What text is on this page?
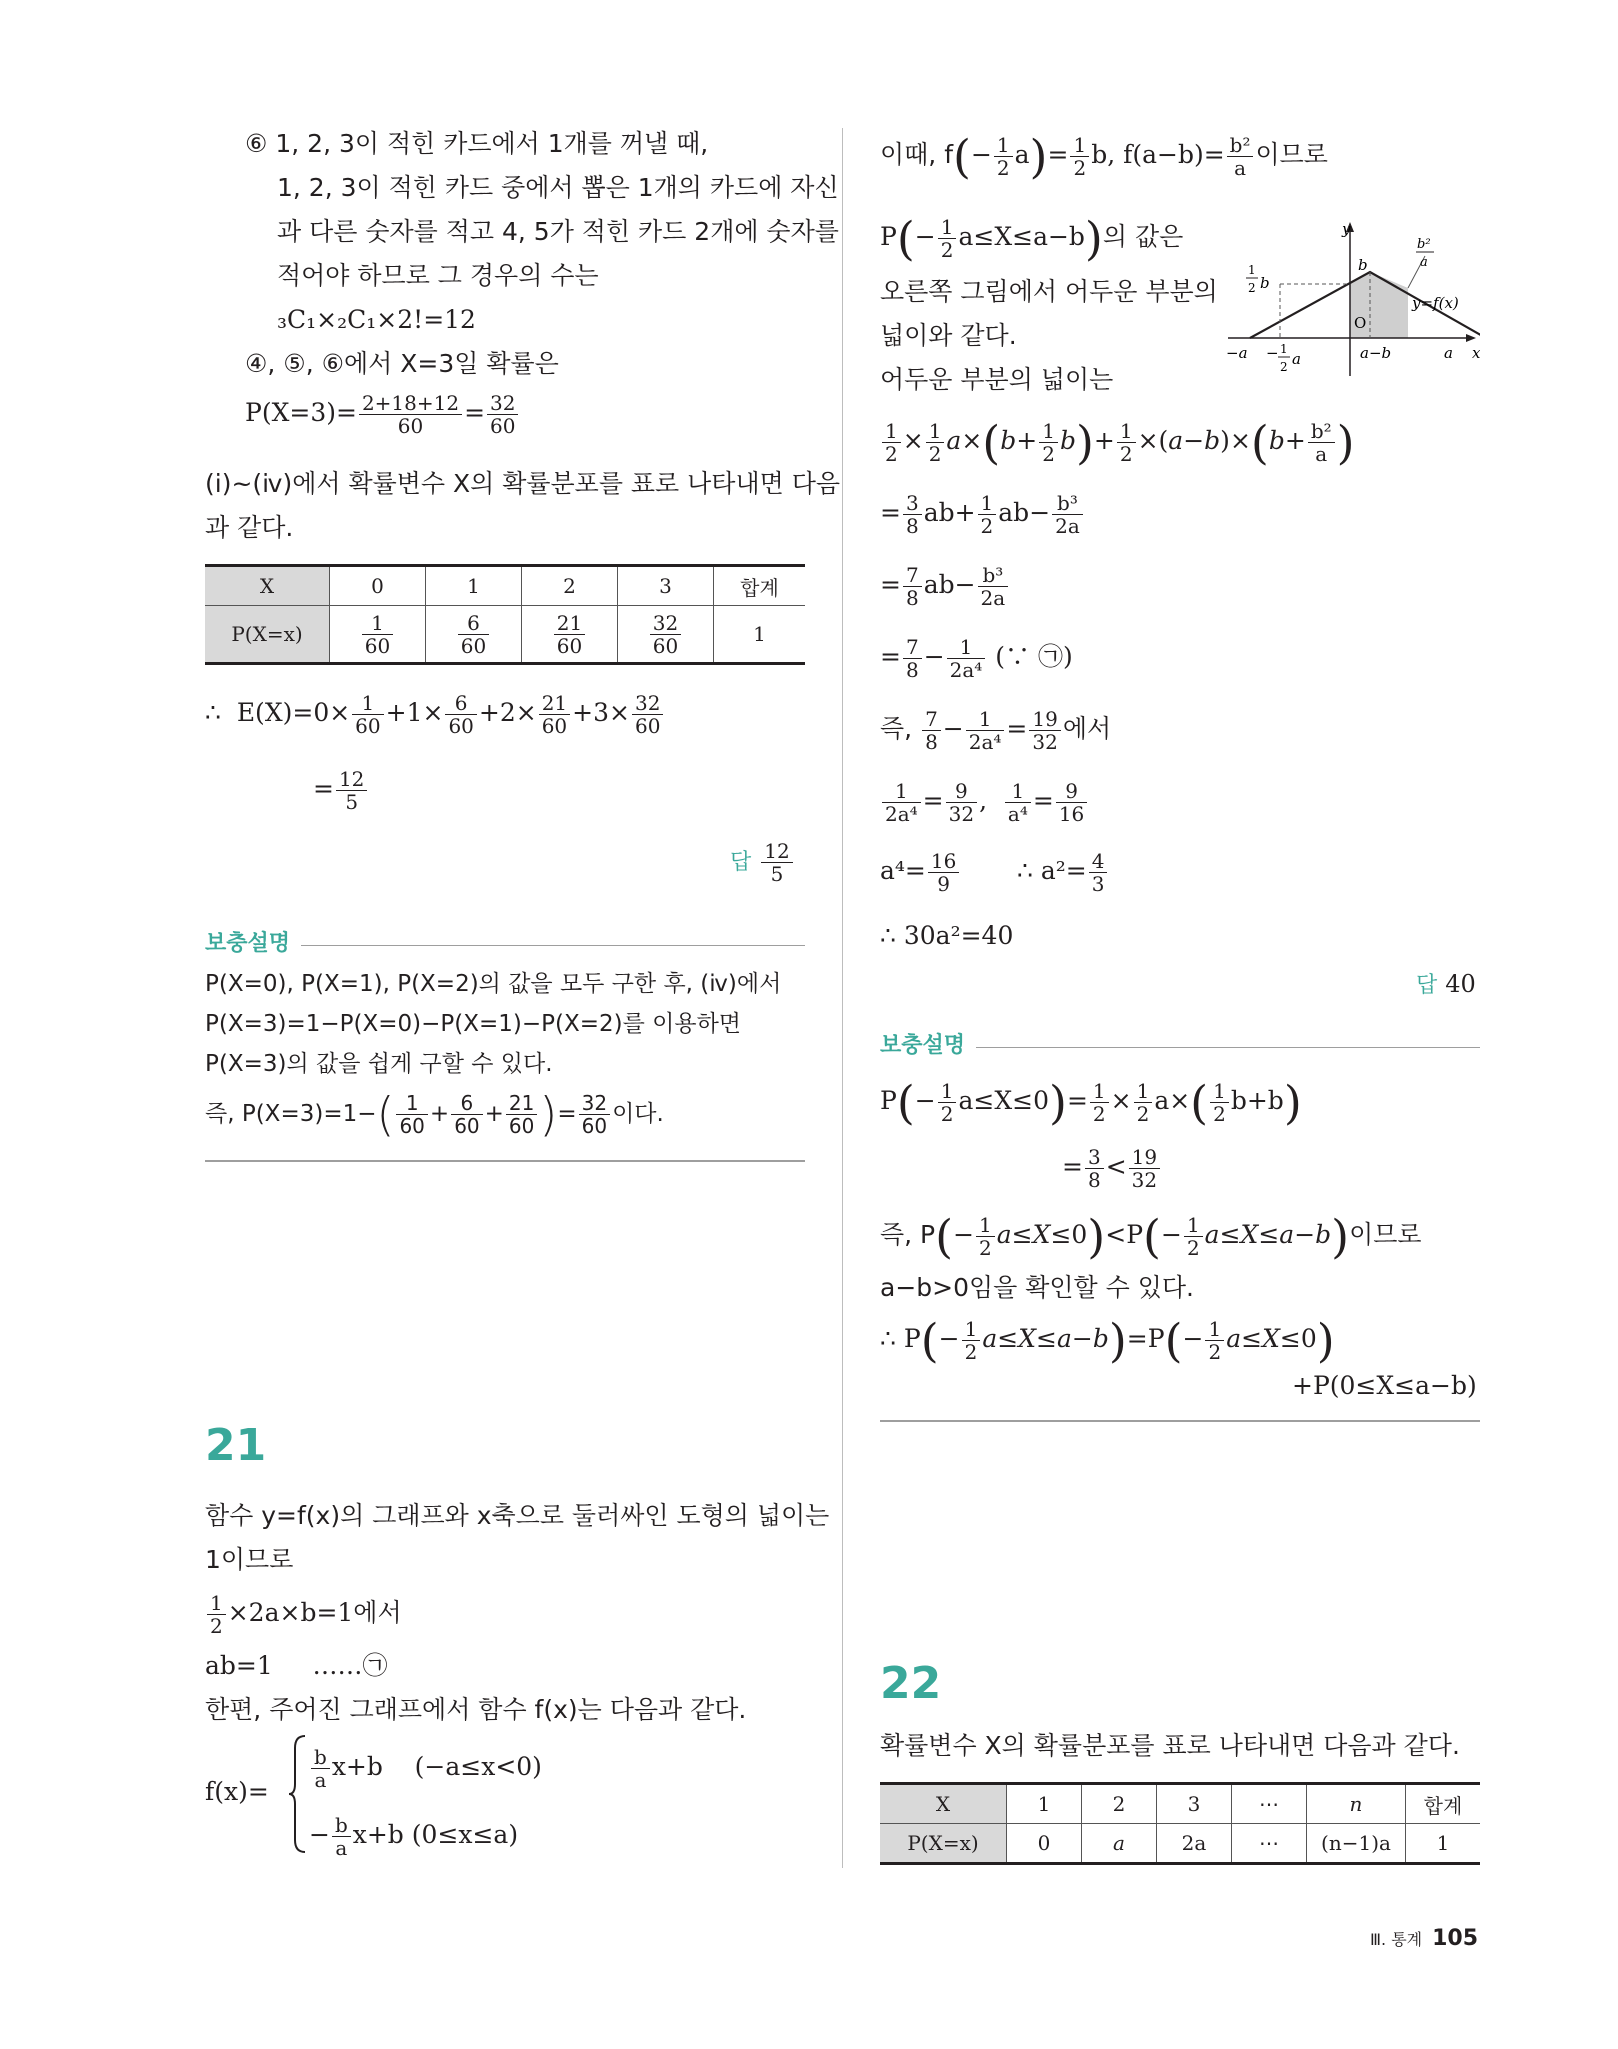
⑥ 1, 2, 3이 적힌 카드에서 1개를 꺼낼 때,
1, 2, 3이 적힌 카드 중에서 뽑은 1개의 카드에 자신
과 다른 숫자를 적고 4, 5가 적힌 카드 2개에 숫자를
적어야 하므로 그 경우의 수는
₃C₁×₂C₁×2!=12
④, ⑤, ⑥에서 X=3일 확률은
$P(X=3)= \frac{2+18+12}{60} = \frac{32}{60}$
(ⅰ)~(ⅳ)에서 확률변수 X의 확률분포를 표로 나타내면 다음
과 같다.
X	0	1	2	3	합계
P(X=x)	$\frac{1}{60}$	$\frac{6}{60}$	$\frac{21}{60}$	$\frac{32}{60}$	1
∴ $E(X)=0\times \frac{1}{60} +1\times \frac{6}{60} +2\times \frac{21}{60} +3\times \frac{32}{60}$
= $\frac{12}{5}$
답 $\frac{12}{5}$
보충설명
P(X=0), P(X=1), P(X=2)의 값을 모두 구한 후, (ⅳ)에서
P(X=3)=1−P(X=0)−P(X=1)−P(X=2)를 이용하면
P(X=3)의 값을 쉽게 구할 수 있다.
즉, $P(X=3)=1-( \frac{1}{60} + \frac{6}{60} + \frac{21}{60}$ )= $\frac{32}{60}$ 이다.
21
함수 y=f(x)의 그래프와 x축으로 둘러싸인 도형의 넓이는
1이므로
$\frac{1}{2} \times 2a\times b=1$에서
ab=1 ……㉠
한편, 주어진 그래프에서 함수 f(x)는 다음과 같다.
f(x)=
$\frac{b}{a} x+b$ (−a≤x<0)
− $\frac{b}{a} x+b$ (0≤x≤a)
이때, $f(- \frac{1}{2} a)= \frac{1}{2} b$, $f(a-b)= \frac{\text{b²}}{a}$ 이므로
$P(- \frac{1}{2} a\le X\le a-b)$의 값은
오른쪽 그림에서 어두운 부분의
넓이와 같다.
어두운 부분의 넓이는
y
x
O
b
1
2 b
b²
a
y=f(x)
−a − 1
2 a	a−b	a
$\frac{1}{2} \times \frac{1}{2} a\times(b+ \frac{1}{2} b)+ \frac{1}{2} \times(a-b)\times(b+ \frac{\text{b²}}{a}$ )
= $\frac{3}{8} ab+ \frac{1}{2} ab- \frac{\text{b³}}{2a}$
= $\frac{7}{8} ab- \frac{\text{b³}}{2a}$
= $\frac{7}{8} - \frac{1}{\text{2a⁴}}$ (∵ ㉠)
즉, $\frac{7}{8} - \frac{1}{\text{2a⁴}} = \frac{19}{32}$ 에서
$\frac{1}{\text{2a⁴}} = \frac{9}{32}$ , $\frac{1}{\text{a⁴}} = \frac{9}{16}$
$a^4= \frac{16}{9}$ ∴ $a^2= \frac{4}{3}$
∴ 30a²=40
답 40
보충설명
$P(- \frac{1}{2} a\le X\le 0)= \frac{1}{2} \times \frac{1}{2} a\times( \frac{1}{2} b+b)$
= $\frac{3}{8} < \frac{19}{32}$
즉, $P(- \frac{1}{2} a\le X\le 0)<P(- \frac{1}{2} a\le X\le a-b)$이므로
a−b>0임을 확인할 수 있다.
∴ $P(- \frac{1}{2} a\le X\le a-b)=P(- \frac{1}{2} a\le X\le 0)$
+P(0≤X≤a−b)
22
확률변수 X의 확률분포를 표로 나타내면 다음과 같다.
X	1	2	3	⋯	n	합계
P(X=x)	0	a	2a	⋯	(n−1)a	1
Ⅲ. 통계 105
